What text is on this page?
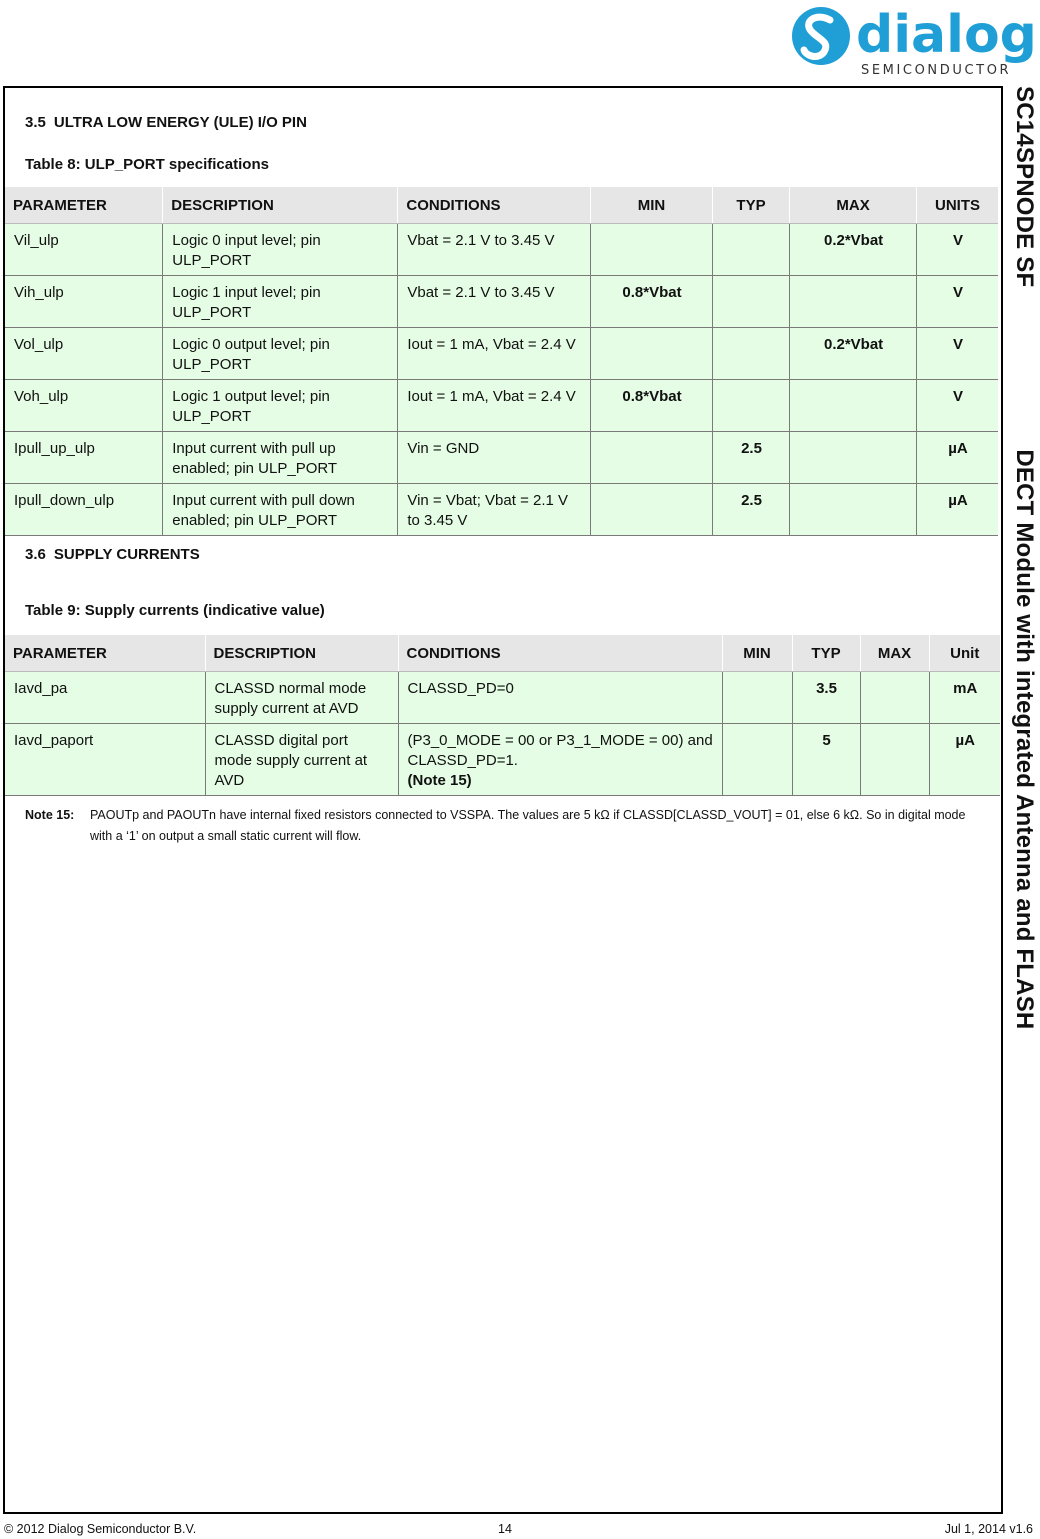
dialog
SEMICONDUCTOR
SC14SPNODE SFDECT Module with integrated Antenna and FLASH
3.5 ULTRA LOW ENERGY (ULE) I/O PIN

Table 8: ULP_PORT specifications

PARAMETER	DESCRIPTION	CONDITIONS	MIN	TYP	MAX	UNITS
Vil_ulp	Logic 0 input level; pin ULP_PORT	Vbat = 2.1 V to 3.45 V			0.2*Vbat	V
Vih_ulp	Logic 1 input level; pin ULP_PORT	Vbat = 2.1 V to 3.45 V	0.8*Vbat			V
Vol_ulp	Logic 0 output level; pin ULP_PORT	Iout = 1 mA, Vbat = 2.4 V			0.2*Vbat	V
Voh_ulp	Logic 1 output level; pin ULP_PORT	Iout = 1 mA, Vbat = 2.4 V	0.8*Vbat			V
Ipull_up_ulp	Input current with pull up enabled; pin ULP_PORT	Vin = GND		2.5		µA
Ipull_down_ulp	Input current with pull down enabled; pin ULP_PORT	Vin = Vbat; Vbat = 2.1 V to 3.45 V		2.5		µA
3.6 SUPPLY CURRENTS

Table 9: Supply currents (indicative value)

PARAMETER	DESCRIPTION	CONDITIONS	MIN	TYP	MAX	Unit
Iavd_pa	CLASSD normal mode supply current at AVD	CLASSD_PD=0		3.5		mA
Iavd_paport	CLASSD digital port mode supply current at AVD	(P3_0_MODE = 00 or P3_1_MODE = 00) and CLASSD_PD=1.
(Note 15)		5		µA
Note 15: PAOUTp and PAOUTn have internal fixed resistors connected to VSSPA. The values are 5 kΩ if CLASSD[CLASSD_VOUT] = 01, else 6 kΩ. So in digital mode with a ‘1’ on output a small static current will flow.
© 2012 Dialog Semiconductor B.V.	14	Jul 1, 2014 v1.6
